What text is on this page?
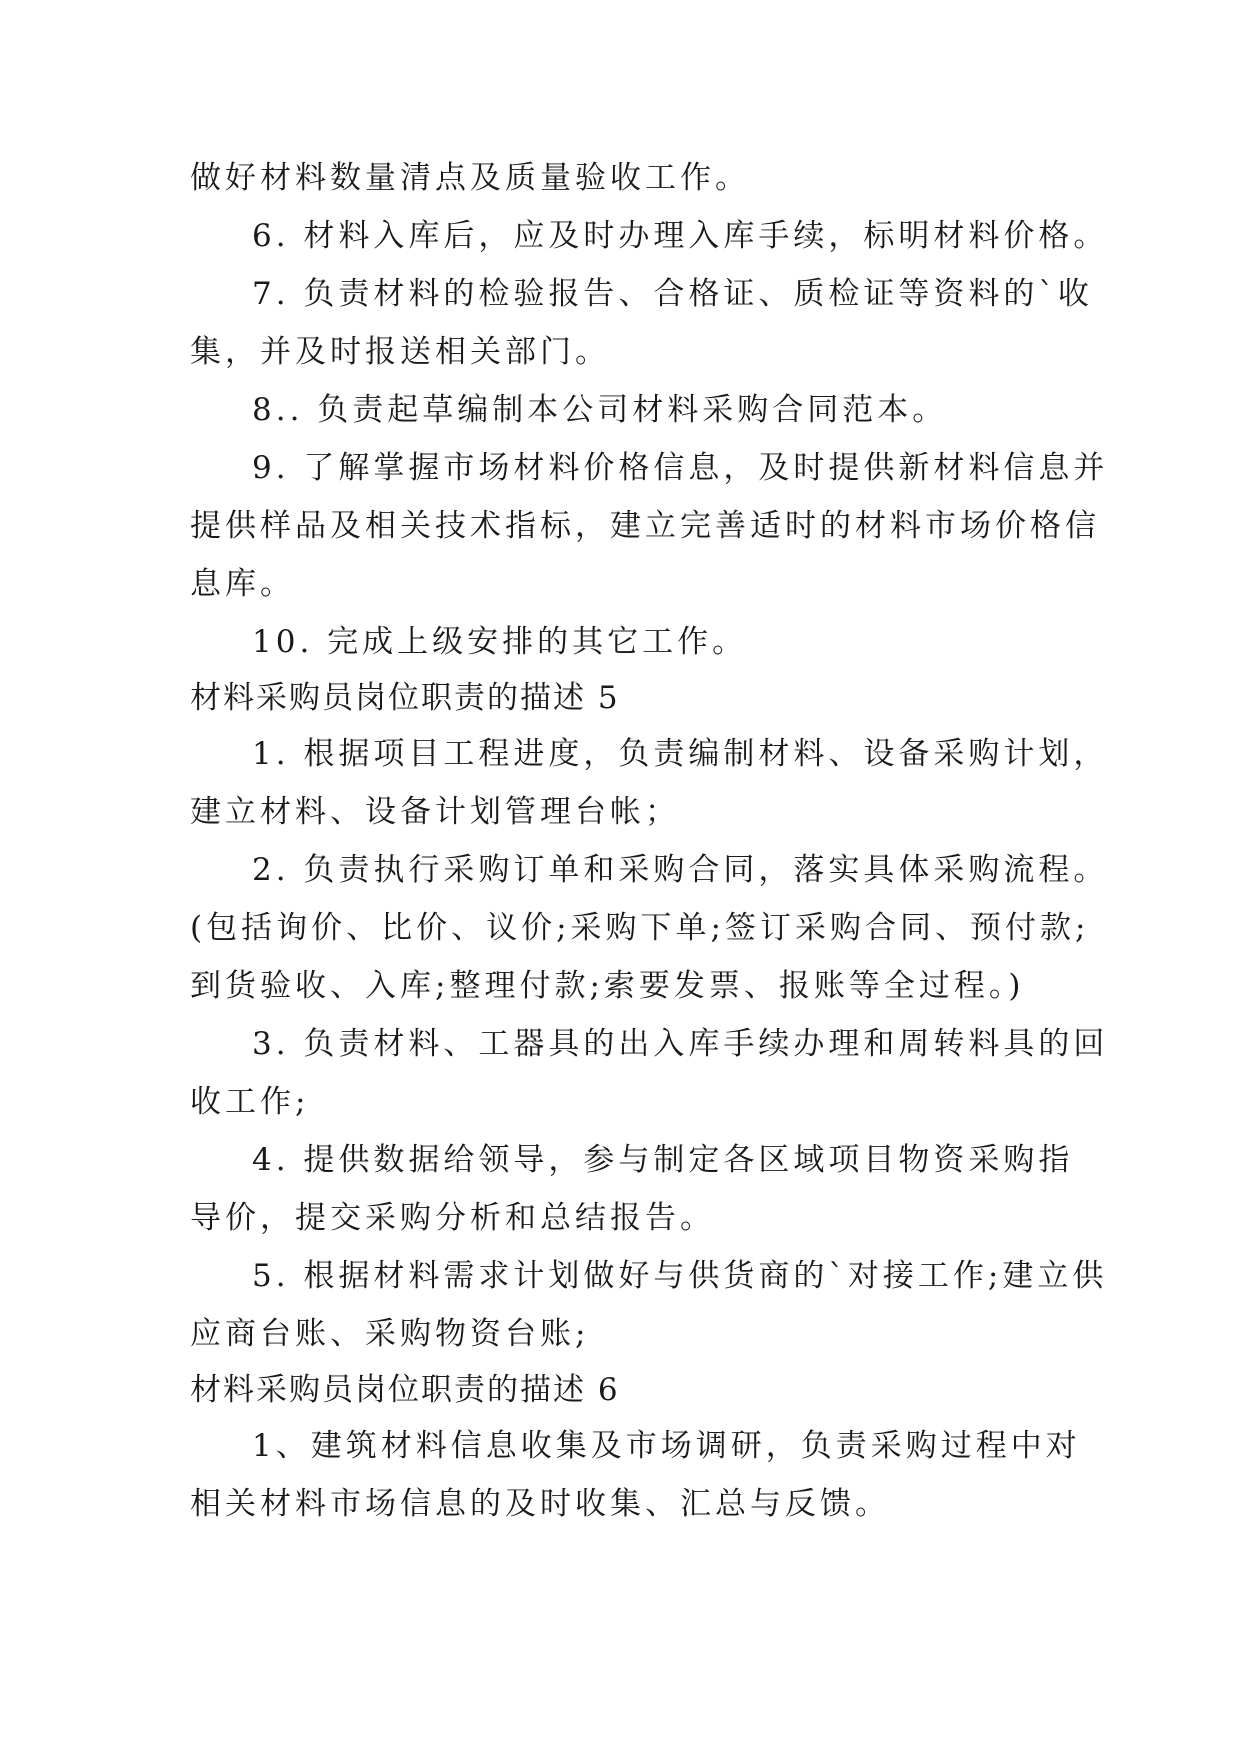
做好材料数量清点及质量验收工作。
6. 材料入库后，应及时办理入库手续，标明材料价格。
7. 负责材料的检验报告、合格证、质检证等资料的`收
集，并及时报送相关部门。
8.. 负责起草编制本公司材料采购合同范本。
9. 了解掌握市场材料价格信息，及时提供新材料信息并
提供样品及相关技术指标，建立完善适时的材料市场价格信
息库。
10. 完成上级安排的其它工作。
材料采购员岗位职责的描述 5
1. 根据项目工程进度，负责编制材料、设备采购计划，
建立材料、设备计划管理台帐；
2. 负责执行采购订单和采购合同，落实具体采购流程。
(包括询价、比价、议价;采购下单;签订采购合同、预付款;
到货验收、入库;整理付款;索要发票、报账等全过程。)
3. 负责材料、工器具的出入库手续办理和周转料具的回
收工作;
4. 提供数据给领导，参与制定各区域项目物资采购指
导价，提交采购分析和总结报告。
5. 根据材料需求计划做好与供货商的`对接工作;建立供
应商台账、采购物资台账;
材料采购员岗位职责的描述 6
1、建筑材料信息收集及市场调研，负责采购过程中对
相关材料市场信息的及时收集、汇总与反馈。
